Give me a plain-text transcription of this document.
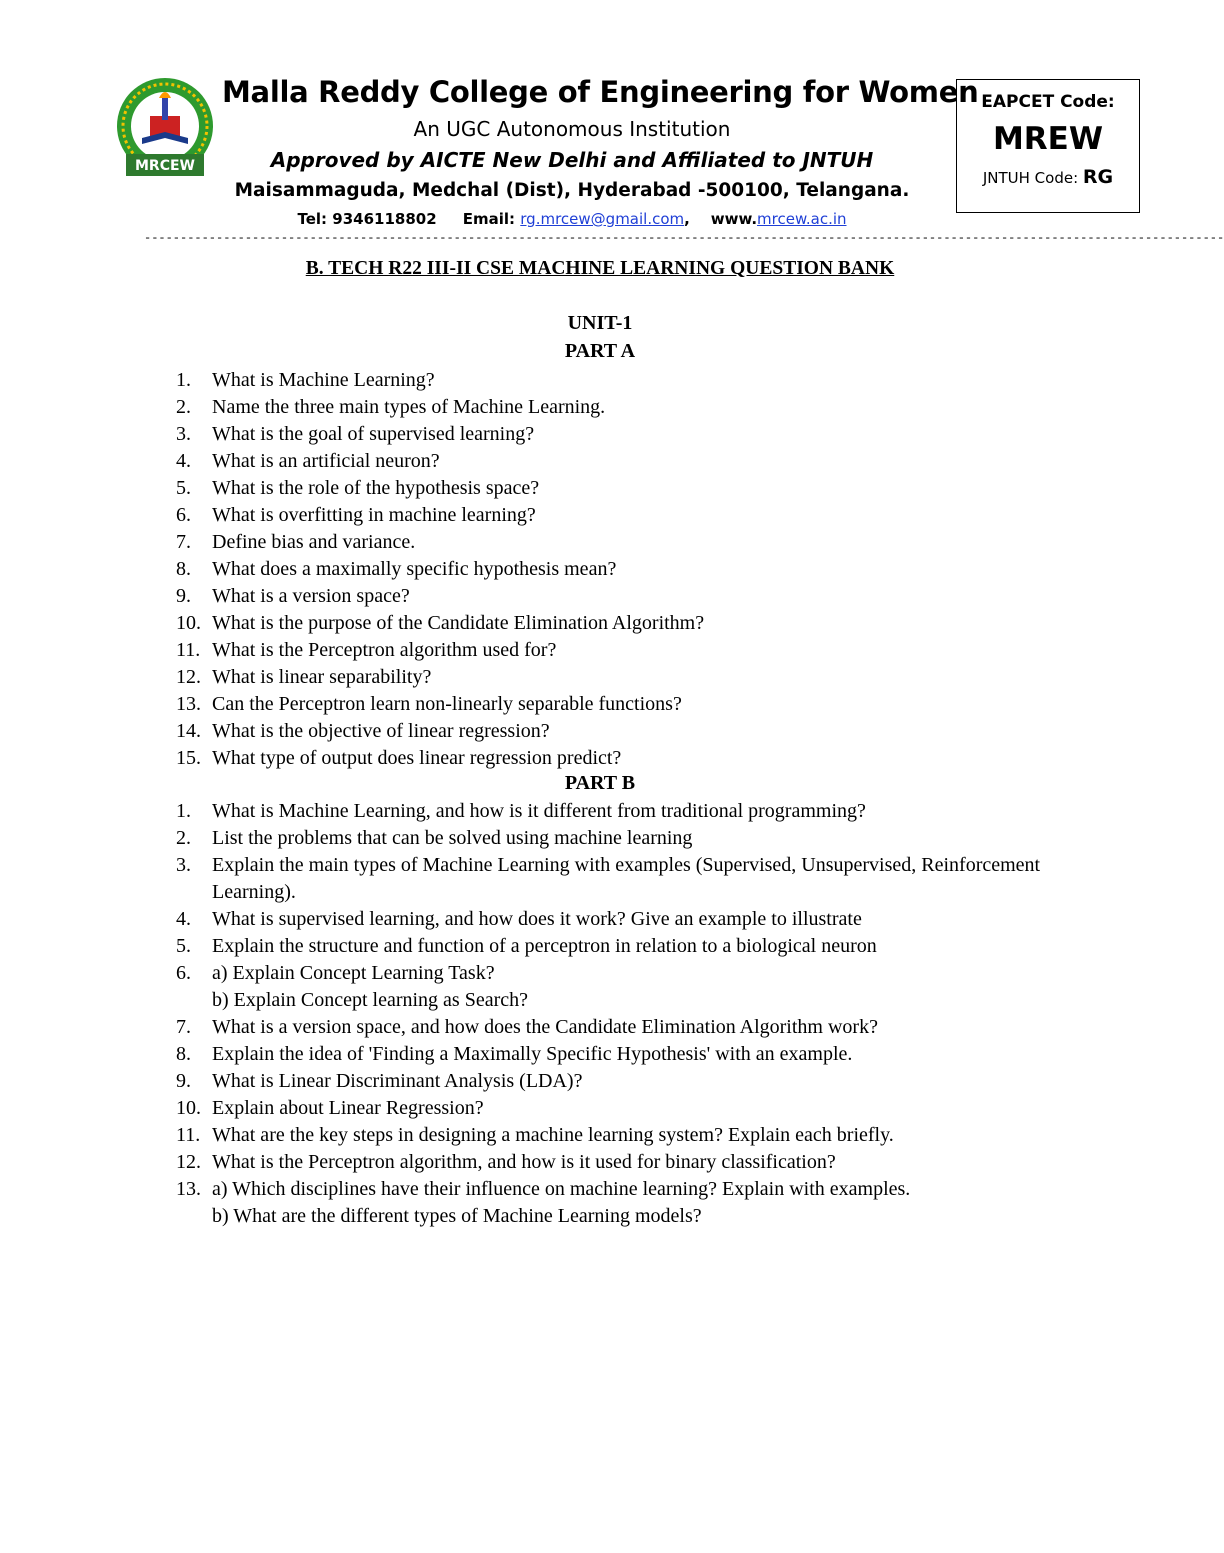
MRCEW
Malla Reddy College of Engineering for Women
An UGC Autonomous Institution
Approved by AICTE New Delhi and Affiliated to JNTUH
Maisammaguda, Medchal (Dist), Hyderabad -500100, Telangana.
Tel: 9346118802 Email: rg.mrcew@gmail.com,    www.mrcew.ac.in
EAPCET Code:
MREW
JNTUH Code: RG
------------------------------------------------------------------------------------------------------------------------------------------------------
B. TECH R22 III-II CSE MACHINE LEARNING QUESTION BANK
UNIT-1
PART A
1.	What is Machine Learning?
2.	Name the three main types of Machine Learning.
3.	What is the goal of supervised learning?
4.	What is an artificial neuron?
5.	What is the role of the hypothesis space?
6.	What is overfitting in machine learning?
7.	Define bias and variance.
8.	What does a maximally specific hypothesis mean?
9.	What is a version space?
10. What is the purpose of the Candidate Elimination Algorithm?
11. What is the Perceptron algorithm used for?
12. What is linear separability?
13. Can the Perceptron learn non-linearly separable functions?
14. What is the objective of linear regression?
15. What type of output does linear regression predict?
PART B
1.	What is Machine Learning, and how is it different from traditional programming?
2.	List the problems that can be solved using machine learning
3.	Explain the main types of Machine Learning with examples (Supervised, Unsupervised, Reinforcement Learning).
4.	What is supervised learning, and how does it work? Give an example to illustrate
5.	Explain the structure and function of a perceptron in relation to a biological neuron
6.	a) Explain Concept Learning Task?
b) Explain Concept learning as Search?
7.	What is a version space, and how does the Candidate Elimination Algorithm work?
8.	Explain the idea of 'Finding a Maximally Specific Hypothesis' with an example.
9.	What is Linear Discriminant Analysis (LDA)?
10. Explain about Linear Regression?
11. What are the key steps in designing a machine learning system? Explain each briefly.
12. What is the Perceptron algorithm, and how is it used for binary classification?
13. a) Which disciplines have their influence on machine learning? Explain with examples.
b) What are the different types of Machine Learning models?
